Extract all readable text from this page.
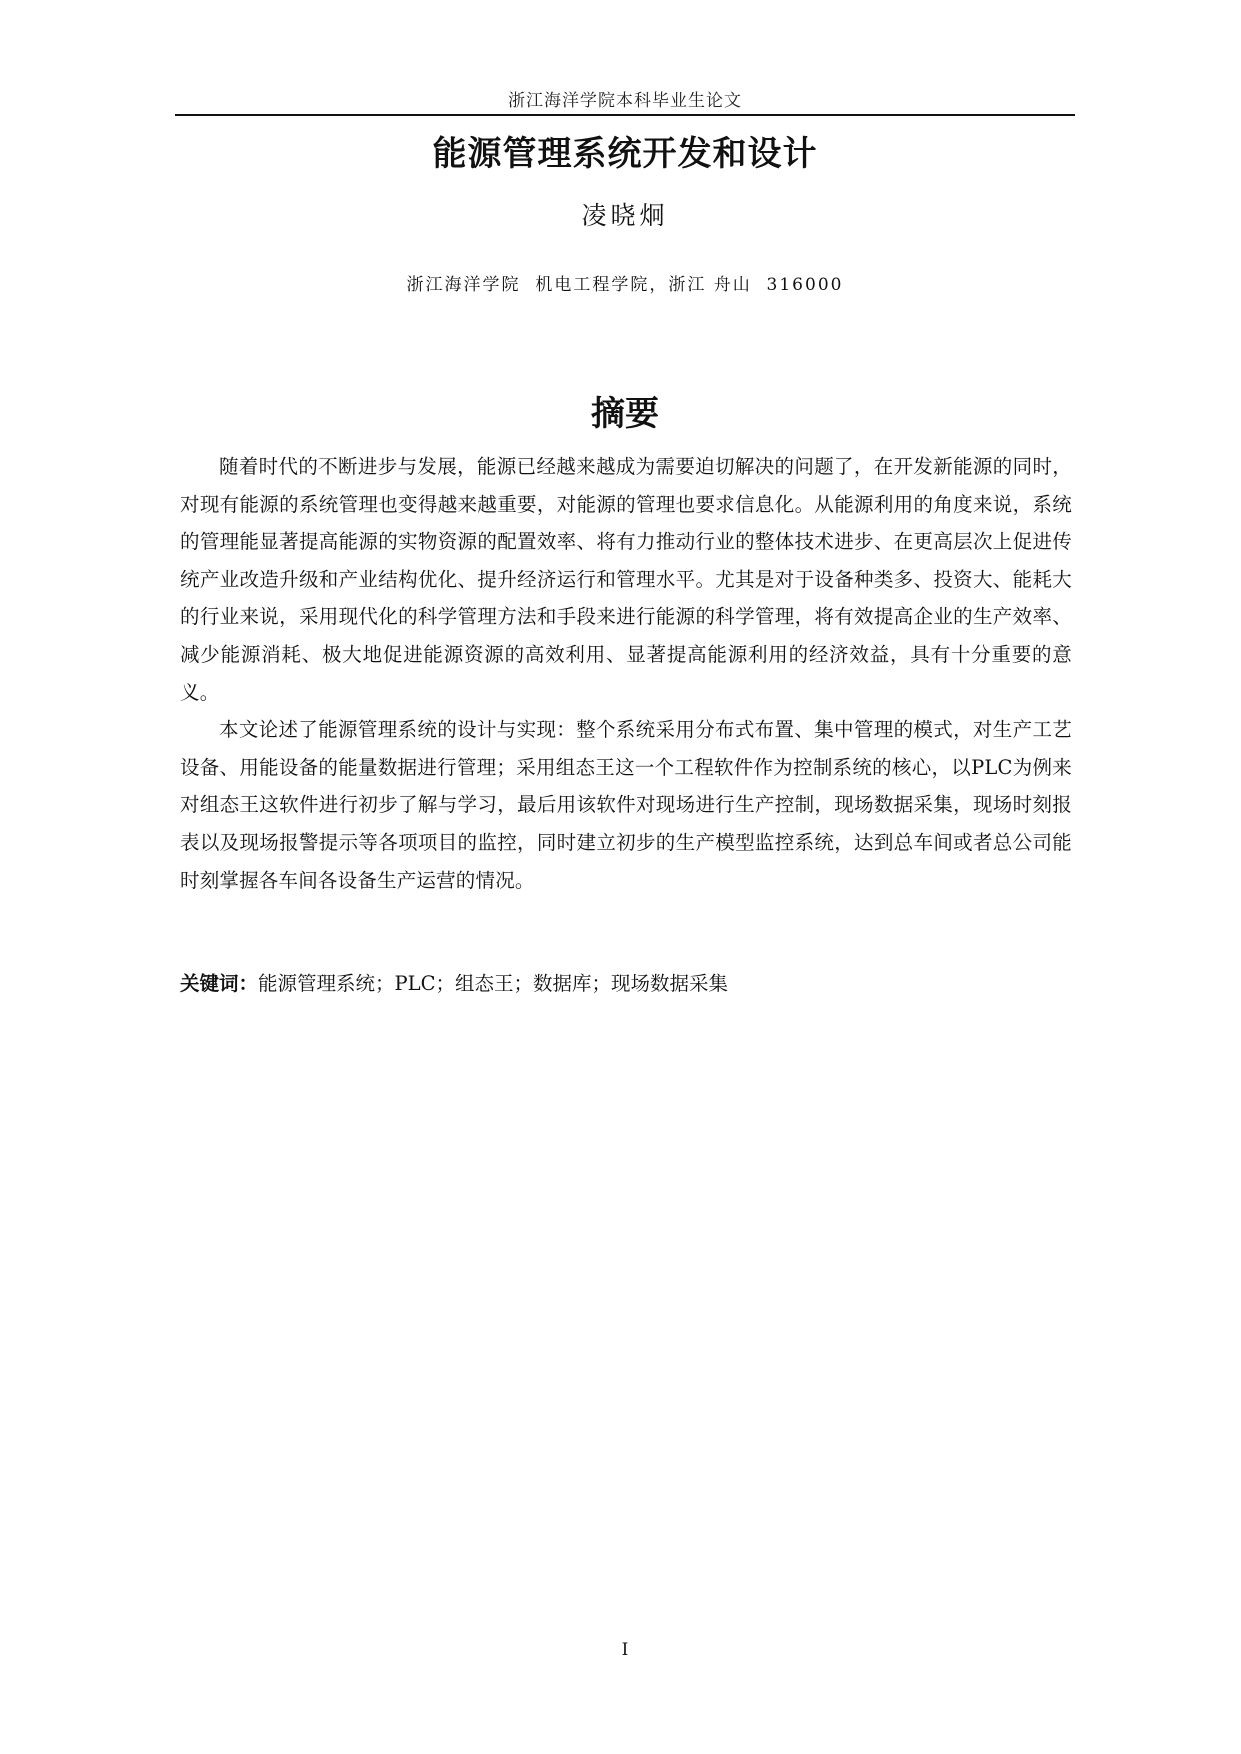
浙江海洋学院本科毕业生论文
能源管理系统开发和设计
凌晓炯
浙江海洋学院  机电工程学院，浙江 舟山  316000
摘要

随着时代的不断进步与发展，能源已经越来越成为需要迫切解决的问题了，在开发新能源的同时，对现有能源的系统管理也变得越来越重要，对能源的管理也要求信息化。从能源利用的角度来说，系统的管理能显著提高能源的实物资源的配置效率、将有力推动行业的整体技术进步、在更高层次上促进传统产业改造升级和产业结构优化、提升经济运行和管理水平。尤其是对于设备种类多、投资大、能耗大的行业来说，采用现代化的科学管理方法和手段来进行能源的科学管理，将有效提高企业的生产效率、减少能源消耗、极大地促进能源资源的高效利用、显著提高能源利用的经济效益，具有十分重要的意义。

本文论述了能源管理系统的设计与实现：整个系统采用分布式布置、集中管理的模式，对生产工艺设备、用能设备的能量数据进行管理；采用组态王这一个工程软件作为控制系统的核心，以PLC为例来对组态王这软件进行初步了解与学习，最后用该软件对现场进行生产控制，现场数据采集，现场时刻报表以及现场报警提示等各项项目的监控，同时建立初步的生产模型监控系统，达到总车间或者总公司能时刻掌握各车间各设备生产运营的情况。

关键词：能源管理系统；PLC；组态王；数据库；现场数据采集
I
